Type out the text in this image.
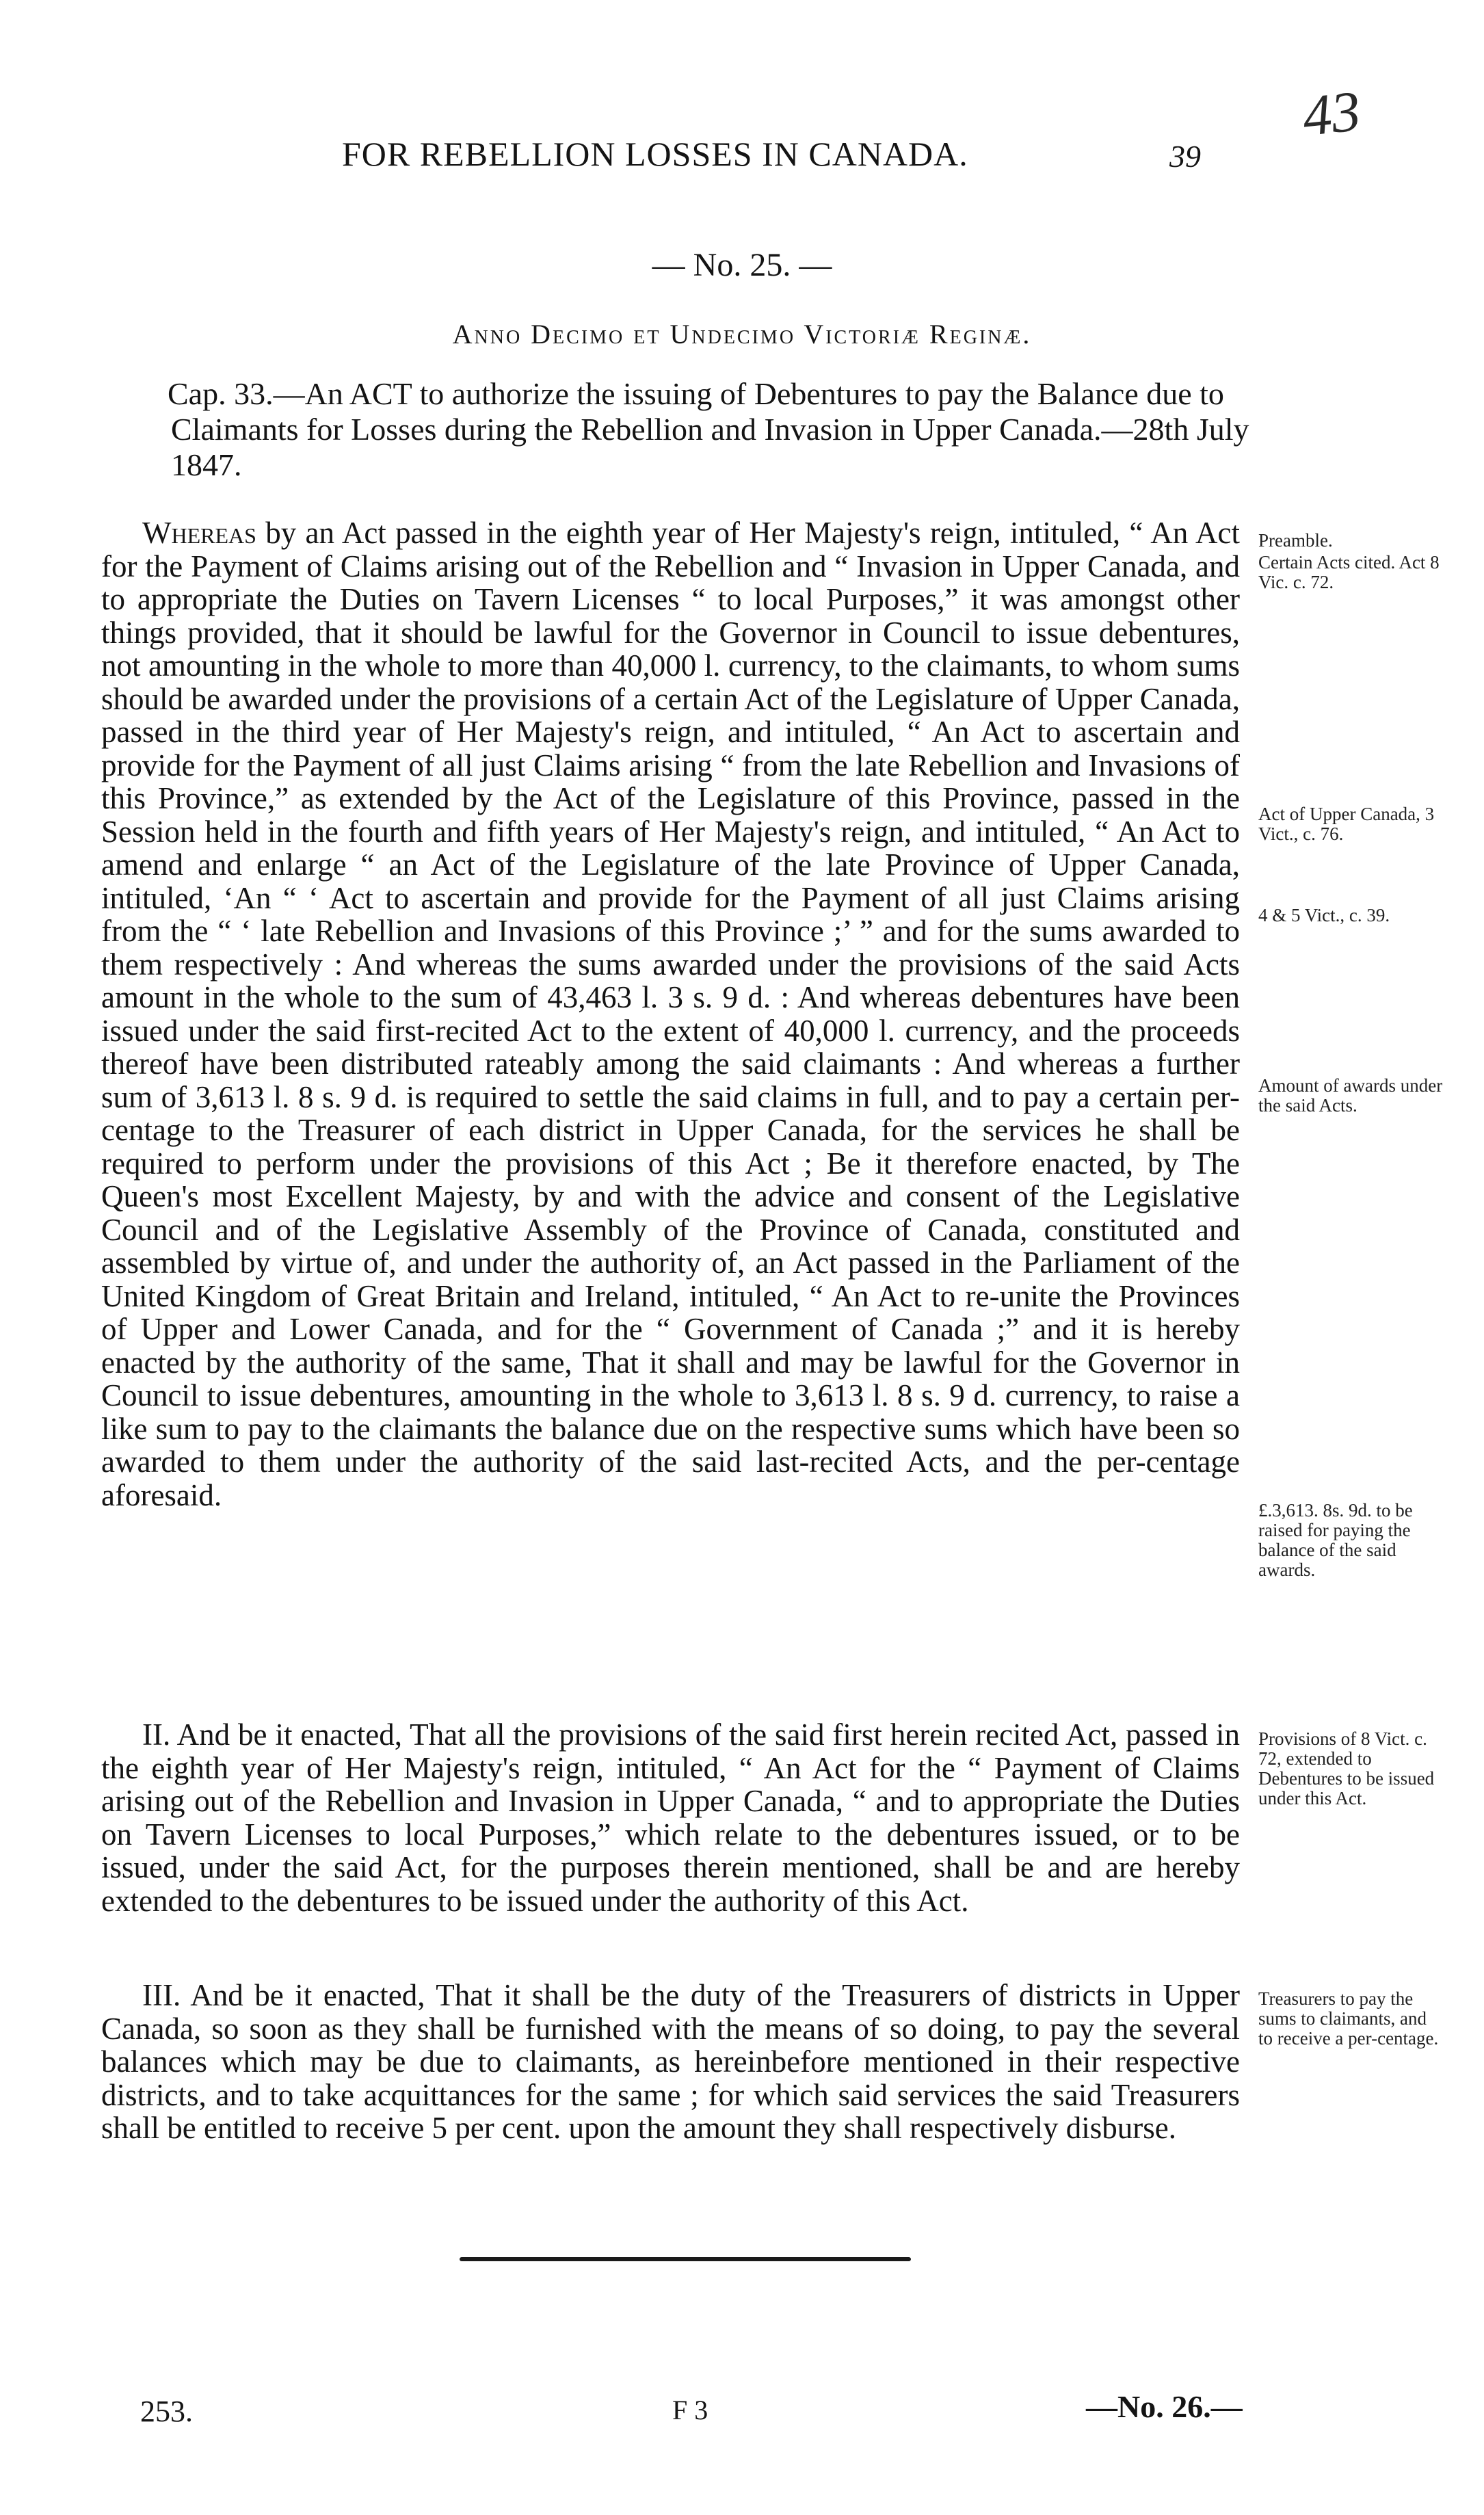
FOR REBELLION LOSSES IN CANADA.	39
43
— No. 25. —
Anno Decimo et Undecimo Victoriæ Reginæ.
Cap. 33.—An ACT to authorize the issuing of Debentures to pay the Balance due to Claimants for Losses during the Rebellion and Invasion in Upper Canada.—28th July 1847.

Whereas by an Act passed in the eighth year of Her Majesty's reign, intituled, “ An Act for the Payment of Claims arising out of the Rebellion and “ Invasion in Upper Canada, and to appropriate the Duties on Tavern Licenses “ to local Purposes,” it was amongst other things provided, that it should be lawful for the Governor in Council to issue debentures, not amounting in the whole to more than 40,000 l. currency, to the claimants, to whom sums should be awarded under the provisions of a certain Act of the Legislature of Upper Canada, passed in the third year of Her Majesty's reign, and intituled, “ An Act to ascertain and provide for the Payment of all just Claims arising “ from the late Rebellion and Invasions of this Province,” as extended by the Act of the Legislature of this Province, passed in the Session held in the fourth and fifth years of Her Majesty's reign, and intituled, “ An Act to amend and enlarge “ an Act of the Legislature of the late Province of Upper Canada, intituled, ‘An “ ‘ Act to ascertain and provide for the Payment of all just Claims arising from the “ ‘ late Rebellion and Invasions of this Province ;’ ” and for the sums awarded to them respectively : And whereas the sums awarded under the provisions of the said Acts amount in the whole to the sum of 43,463 l. 3 s. 9 d. : And whereas debentures have been issued under the said first-recited Act to the extent of 40,000 l. currency, and the proceeds thereof have been distributed rateably among the said claimants : And whereas a further sum of 3,613 l. 8 s. 9 d. is required to settle the said claims in full, and to pay a certain per-centage to the Treasurer of each district in Upper Canada, for the services he shall be required to perform under the provisions of this Act ; Be it therefore enacted, by The Queen's most Excellent Majesty, by and with the advice and consent of the Legislative Council and of the Legislative Assembly of the Province of Canada, constituted and assembled by virtue of, and under the authority of, an Act passed in the Parliament of the United Kingdom of Great Britain and Ireland, intituled, “ An Act to re-unite the Provinces of Upper and Lower Canada, and for the “ Government of Canada ;” and it is hereby enacted by the authority of the same, That it shall and may be lawful for the Governor in Council to issue debentures, amounting in the whole to 3,613 l. 8 s. 9 d. currency, to raise a like sum to pay to the claimants the balance due on the respective sums which have been so awarded to them under the authority of the said last-recited Acts, and the per-centage aforesaid.

II. And be it enacted, That all the provisions of the said first herein recited Act, passed in the eighth year of Her Majesty's reign, intituled, “ An Act for the “ Payment of Claims arising out of the Rebellion and Invasion in Upper Canada, “ and to appropriate the Duties on Tavern Licenses to local Purposes,” which relate to the debentures issued, or to be issued, under the said Act, for the purposes therein mentioned, shall be and are hereby extended to the debentures to be issued under the authority of this Act.

III. And be it enacted, That it shall be the duty of the Treasurers of districts in Upper Canada, so soon as they shall be furnished with the means of so doing, to pay the several balances which may be due to claimants, as hereinbefore mentioned in their respective districts, and to take acquittances for the same ; for which said services the said Treasurers shall be entitled to receive 5 per cent. upon the amount they shall respectively disburse.

Preamble.
Certain Acts cited. Act 8 Vic. c. 72.
Act of Upper Canada, 3 Vict., c. 76.
4 & 5 Vict., c. 39.
Amount of awards under the said Acts.
£.3,613. 8s. 9d. to be raised for paying the balance of the said awards.
Provisions of 8 Vict. c. 72, extended to Debentures to be issued under this Act.
Treasurers to pay the sums to claimants, and to receive a per-centage.
253.	F 3	—No. 26.—
